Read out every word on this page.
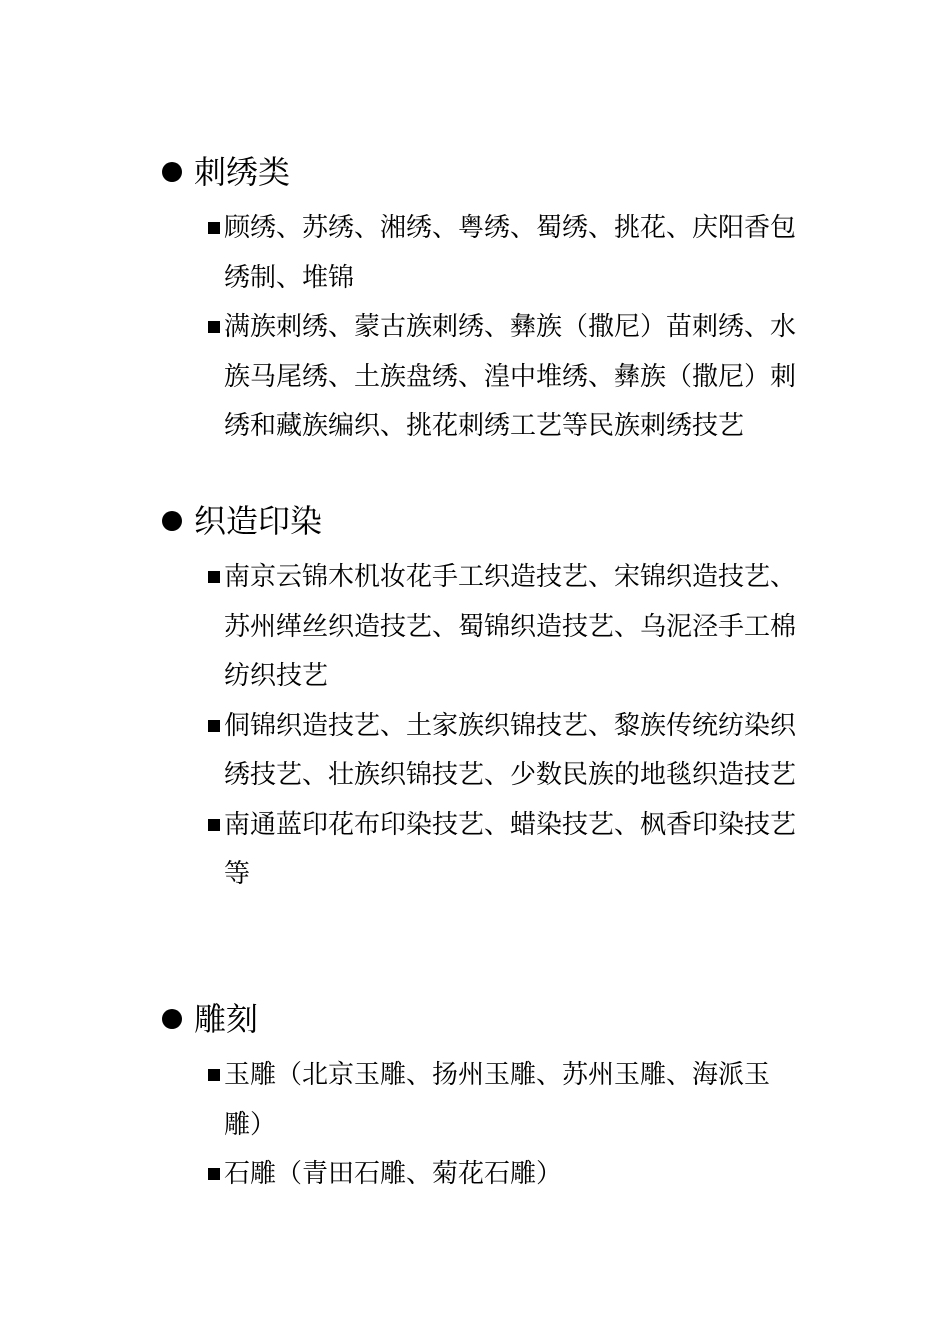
刺绣类
顾绣、苏绣、湘绣、粤绣、蜀绣、挑花、庆阳香包绣制、堆锦
满族刺绣、蒙古族刺绣、彝族（撒尼）苗刺绣、水族马尾绣、土族盘绣、湟中堆绣、彝族（撒尼）刺绣和藏族编织、挑花刺绣工艺等民族刺绣技艺
织造印染
南京云锦木机妆花手工织造技艺、宋锦织造技艺、苏州缂丝织造技艺、蜀锦织造技艺、乌泥泾手工棉纺织技艺
侗锦织造技艺、土家族织锦技艺、黎族传统纺染织绣技艺、壮族织锦技艺、少数民族的地毯织造技艺
南通蓝印花布印染技艺、蜡染技艺、枫香印染技艺等
雕刻
玉雕（北京玉雕、扬州玉雕、苏州玉雕、海派玉雕）
石雕（青田石雕、菊花石雕）
